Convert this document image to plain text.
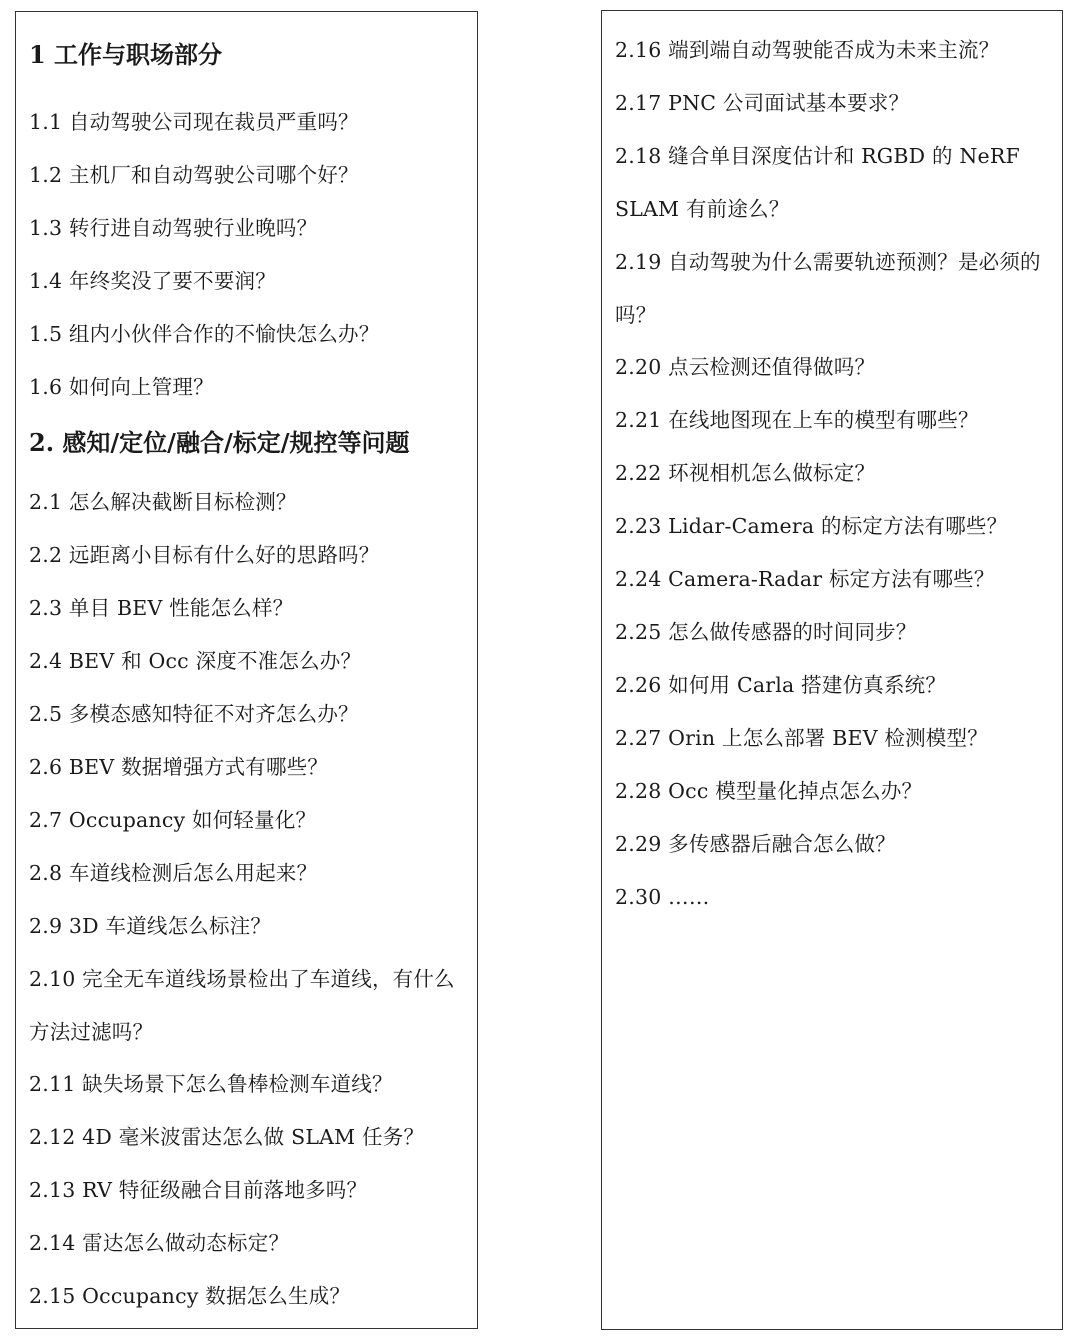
1 工作与职场部分
1.1 自动驾驶公司现在裁员严重吗？
1.2 主机厂和自动驾驶公司哪个好？
1.3 转行进自动驾驶行业晚吗？
1.4 年终奖没了要不要润？
1.5 组内小伙伴合作的不愉快怎么办？
1.6 如何向上管理？
2. 感知/定位/融合/标定/规控等问题
2.1 怎么解决截断目标检测？
2.2 远距离小目标有什么好的思路吗？
2.3 单目 BEV 性能怎么样？
2.4 BEV 和 Occ 深度不准怎么办？
2.5 多模态感知特征不对齐怎么办？
2.6 BEV 数据增强方式有哪些？
2.7 Occupancy 如何轻量化？
2.8 车道线检测后怎么用起来？
2.9 3D 车道线怎么标注？
2.10 完全无车道线场景检出了车道线，有什么方法过滤吗？
2.11 缺失场景下怎么鲁棒检测车道线？
2.12 4D 毫米波雷达怎么做 SLAM 任务？
2.13 RV 特征级融合目前落地多吗？
2.14 雷达怎么做动态标定？
2.15 Occupancy 数据怎么生成？
2.16 端到端自动驾驶能否成为未来主流？
2.17 PNC 公司面试基本要求？
2.18 缝合单目深度估计和 RGBD 的 NeRF SLAM 有前途么？
2.19 自动驾驶为什么需要轨迹预测？是必须的吗？
2.20 点云检测还值得做吗？
2.21 在线地图现在上车的模型有哪些？
2.22 环视相机怎么做标定？
2.23 Lidar-Camera 的标定方法有哪些？
2.24 Camera-Radar 标定方法有哪些？
2.25 怎么做传感器的时间同步？
2.26 如何用 Carla 搭建仿真系统？
2.27 Orin 上怎么部署 BEV 检测模型？
2.28 Occ 模型量化掉点怎么办？
2.29 多传感器后融合怎么做？
2.30 ……
